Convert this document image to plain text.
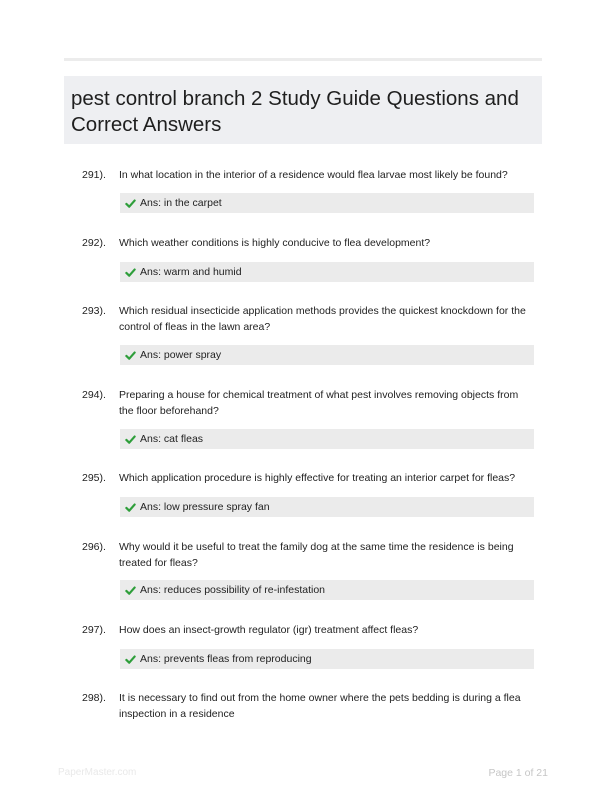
pest control branch 2 Study Guide Questions and Correct Answers
291). In what location in the interior of a residence would flea larvae most likely be found?
Ans: in the carpet
292). Which weather conditions is highly conducive to flea development?
Ans: warm and humid
293). Which residual insecticide application methods provides the quickest knockdown for the control of fleas in the lawn area?
Ans: power spray
294). Preparing a house for chemical treatment of what pest involves removing objects from the floor beforehand?
Ans: cat fleas
295). Which application procedure is highly effective for treating an interior carpet for fleas?
Ans: low pressure spray fan
296). Why would it be useful to treat the family dog at the same time the residence is being treated for fleas?
Ans: reduces possibility of re-infestation
297). How does an insect-growth regulator (igr) treatment affect fleas?
Ans: prevents fleas from reproducing
298). It is necessary to find out from the home owner where the pets bedding is during a flea inspection in a residence
PaperMaster.com	Page 1 of 21
